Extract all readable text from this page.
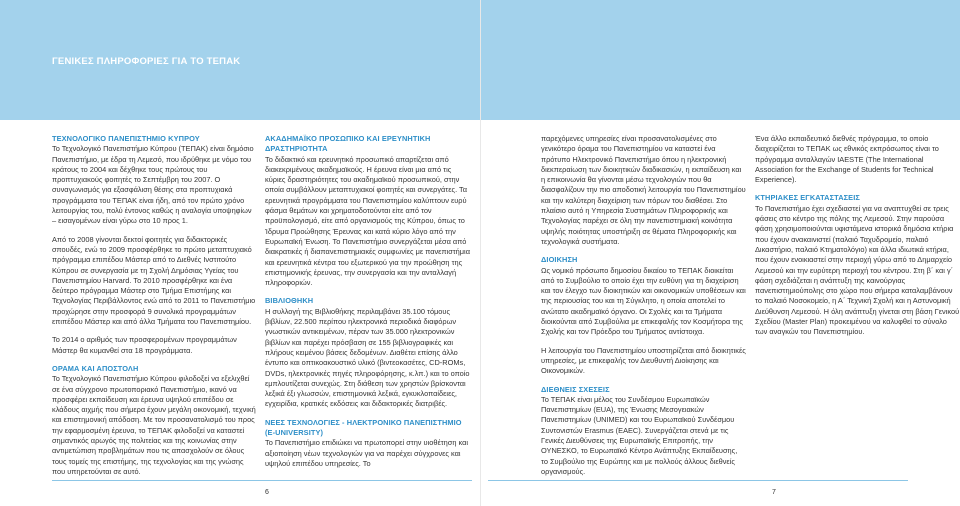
ΓΕΝΙΚΕΣ ΠΛΗΡΟΦΟΡΙΕΣ ΓΙΑ ΤΟ ΤΕΠΑΚ

ΤΕΧΝΟΛΟΓΙΚΟ ΠΑΝΕΠΙΣΤΗΜΙΟ ΚΥΠΡΟΥ

Το Τεχνολογικό Πανεπιστήμιο Κύπρου (ΤΕΠΑΚ) είναι δημόσιο Πανεπιστήμιο, με έδρα τη Λεμεσό, που ιδρύθηκε με νόμο του κράτους το 2004 και δέχθηκε τους πρώτους του προπτυχιακούς φοιτητές το Σεπτέμβρη του 2007. Ο συναγωνισμός για εξασφάλιση θέσης στα προπτυχιακά προγράμματα του ΤΕΠΑΚ είναι ήδη, από τον πρώτο χρόνο λειτουργίας του, πολύ έντονος καθώς η αναλογία υποψηφίων – εισαγομένων είναι γύρω στο 10 προς 1.

Από το 2008 γίνονται δεκτοί φοιτητές για διδακτορικές σπουδές, ενώ το 2009 προσφέρθηκε το πρώτο μεταπτυχιακό πρόγραμμα επιπέδου Μάστερ από το Διεθνές Ινστιτούτο Κύπρου σε συνεργασία με τη Σχολή Δημόσιας Υγείας του Πανεπιστημίου Harvard. Το 2010 προσφέρθηκε και ένα δεύτερο πρόγραμμα Μάστερ στο Τμήμα Επιστήμης και Τεχνολογίας Περιβάλλοντος ενώ από το 2011 το Πανεπιστήμιο προχώρησε στην προσφορά 9 συνολικά προγραμμάτων επιπέδου Μάστερ και από άλλα Τμήματα του Πανεπιστημίου.

Το 2014 ο αριθμός των προσφερομένων προγραμμάτων Μάστερ θα κυμανθεί στα 18 προγράμματα.

ΟΡΑΜΑ ΚΑΙ ΑΠΟΣΤΟΛΗ

Το Τεχνολογικό Πανεπιστήμιο Κύπρου φιλοδοξεί να εξελιχθεί σε ένα σύγχρονο πρωτοποριακό Πανεπιστήμιο, ικανό να προσφέρει εκπαίδευση και έρευνα υψηλού επιπέδου σε κλάδους αιχμής που σήμερα έχουν μεγάλη οικονομική, τεχνική και επιστημονική απόδοση. Με τον προσανατολισμό του προς την εφαρμοσμένη έρευνα, το ΤΕΠΑΚ φιλοδοξεί να καταστεί σημαντικός αρωγός της πολιτείας και της κοινωνίας στην αντιμετώπιση προβλημάτων που τις απασχολούν σε όλους τους τομείς της επιστήμης, της τεχνολογίας και της γνώσης που υπηρετούνται σε αυτό.

ΑΚΑΔΗΜΑΪΚΟ ΠΡΟΣΩΠΙΚΟ ΚΑΙ ΕΡΕΥΝΗΤΙΚΗ ΔΡΑΣΤΗΡΙΟΤΗΤΑ

Το διδακτικό και ερευνητικό προσωπικό απαρτίζεται από διακεκριμένους ακαδημαϊκούς. Η έρευνα είναι μια από τις κύριες δραστηριότητες του ακαδημαϊκού προσωπικού, στην οποία συμβάλλουν μεταπτυχιακοί φοιτητές και συνεργάτες. Τα ερευνητικά προγράμματα του Πανεπιστημίου καλύπτουν ευρύ φάσμα θεμάτων και χρηματοδοτούνται είτε από τον προϋπολογισμό, είτε από οργανισμούς της Κύπρου, όπως το Ίδρυμα Προώθησης Έρευνας και κατά κύριο λόγο από την Ευρωπαϊκή Ένωση. Το Πανεπιστήμιο συνεργάζεται μέσα από διακρατικές ή διαπανεπιστημιακές συμφωνίες με πανεπιστήμια και ερευνητικά κέντρα του εξωτερικού για την προώθηση της επιστημονικής έρευνας, την συνεργασία και την ανταλλαγή πληροφοριών.

ΒΙΒΛΙΟΘΗΚΗ

Η συλλογή της Βιβλιοθήκης περιλαμβάνει 35.100 τόμους βιβλίων, 22.500 περίπου ηλεκτρονικά περιοδικά διαφόρων γνωστικών αντικειμένων, πέραν των 35.000 ηλεκτρονικών βιβλίων και παρέχει πρόσβαση σε 155 βιβλιογραφικές και πλήρους κειμένου βάσεις δεδομένων. Διαθέτει επίσης άλλο έντυπο και οπτικοακουστικό υλικό (βιντεοκασέτες, CD-ROMs, DVDs, ηλεκτρονικές πηγές πληροφόρησης, κ.λπ.) και το οποίο εμπλουτίζεται συνεχώς. Στη διάθεση των χρηστών βρίσκονται λεξικά έξι γλωσσών, επιστημονικά λεξικά, εγκυκλοπαίδειες, εγχειρίδια, κρατικές εκδόσεις και διδακτορικές διατριβές.

ΝΕΕΣ ΤΕΧΝΟΛΟΓΙΕΣ - ΗΛΕΚΤΡΟΝΙΚΟ ΠΑΝΕΠΙΣΤΗΜΙΟ (E-UNIVERSITY)

Το Πανεπιστήμιο επιδιώκει να πρωτοπορεί στην υιοθέτηση και αξιοποίηση νέων τεχνολογιών για να παρέχει σύγχρονες και υψηλού επιπέδου υπηρεσίες. Το

παρεχόμενες υπηρεσίες είναι προσανατολισμένες στο γενικότερο όραμα του Πανεπιστημίου να καταστεί ένα πρότυπο Ηλεκτρονικό Πανεπιστήμιο όπου η ηλεκτρονική διεκπεραίωση των διοικητικών διαδικασιών, η εκπαίδευση και η επικοινωνία θα γίνονται μέσω τεχνολογιών που θα διασφαλίζουν την πιο αποδοτική λειτουργία του Πανεπιστημίου και την καλύτερη διαχείριση των πόρων του διαθέσει. Στο πλαίσιο αυτό η Υπηρεσία Συστημάτων Πληροφορικής και Τεχνολογίας παρέχει σε όλη την πανεπιστημιακή κοινότητα υψηλής ποιότητας υποστήριξη σε θέματα Πληροφορικής και τεχνολογικά συστήματα.

ΔΙΟΙΚΗΣΗ

Ως νομικό πρόσωπο δημοσίου δικαίου το ΤΕΠΑΚ διοικείται από το Συμβούλιο το οποίο έχει την ευθύνη για τη διαχείριση και τον έλεγχο των διοικητικών και οικονομικών υποθέσεων και της περιουσίας του και τη Σύγκλητο, η οποία αποτελεί το ανώτατο ακαδημαϊκό όργανο. Οι Σχολές και τα Τμήματα διοικούνται από Συμβούλια με επικεφαλής τον Κοσμήτορα της Σχολής και τον Πρόεδρο του Τμήματος αντίστοιχα.

Η λειτουργία του Πανεπιστημίου υποστηρίζεται από διοικητικές υπηρεσίες, με επικεφαλής τον Διευθυντή Διοίκησης και Οικονομικών.

ΔΙΕΘΝΕΙΣ ΣΧΕΣΕΙΣ

Το ΤΕΠΑΚ είναι μέλος του Συνδέσμου Ευρωπαϊκών Πανεπιστημίων (EUA), της Ένωσης Μεσογειακών Πανεπιστημίων (UNIMED) και του Ευρωπαϊκού Συνδέσμου Συντονιστών Erasmus (EAEC). Συνεργάζεται στενά με τις Γενικές Διευθύνσεις της Ευρωπαϊκής Επιτροπής, την ΟΥΝΕΣΚΟ, το Ευρωπαϊκό Κέντρο Ανάπτυξης Εκπαίδευσης, το Συμβούλιο της Ευρώπης και με πολλούς άλλους διεθνείς οργανισμούς.

Ένα άλλο εκπαιδευτικό διεθνές πρόγραμμα, το οποίο διαχειρίζεται το ΤΕΠΑΚ ως εθνικός εκπρόσωπος είναι το πρόγραμμα ανταλλαγών IAESTE (The International Association for the Exchange of Students for Technical Experience).

ΚΤΗΡΙΑΚΕΣ ΕΓΚΑΤΑΣΤΑΣΕΙΣ

Το Πανεπιστήμιο έχει σχεδιαστεί για να αναπτυχθεί σε τρεις φάσεις στο κέντρο της πόλης της Λεμεσού. Στην παρούσα φάση χρησιμοποιούνται υφιστάμενα ιστορικά δημόσια κτήρια που έχουν ανακαινιστεί (παλαιό Ταχυδρομείο, παλαιό Δικαστήριο, παλαιό Κτηματολόγιο) και άλλα ιδιωτικά κτήρια, που έχουν ενοικιαστεί στην περιοχή γύρω από το Δημαρχείο Λεμεσού και την ευρύτερη περιοχή του κέντρου. Στη β΄ και γ΄ φάση σχεδιάζεται η ανάπτυξη της καινούργιας πανεπιστημιούπολης στο χώρο που σήμερα καταλαμβάνουν το παλαιό Νοσοκομείο, η Α΄ Τεχνική Σχολή και η Αστυνομική Διεύθυνση Λεμεσού. Η όλη ανάπτυξη γίνεται στη βάση Γενικού Σχεδίου (Master Plan) προκειμένου να καλυφθεί το σύνολο των αναγκών του Πανεπιστημίου.

6	7
